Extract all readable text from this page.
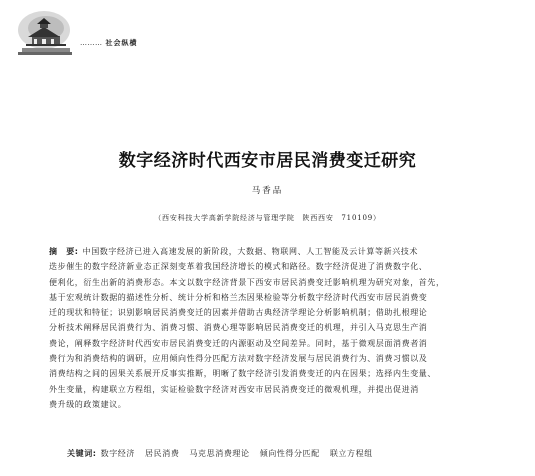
……… 社会纵横
数字经济时代西安市居民消费变迁研究
马香品
（西安科技大学高新学院经济与管理学院　陕西西安　710109）
摘　要: 中国数字经济已进入高速发展的新阶段，大数据、物联网、人工智能及云计算等新兴技术
迭步催生的数字经济新业态正深刻变革着我国经济增长的模式和路径。数字经济促进了消费数字化、
便利化，衍生出新的消费形态。本文以数字经济背景下西安市居民消费变迁影响机理为研究对象，首先，
基于宏观统计数据的描述性分析、统计分析和格兰杰因果检验等分析数字经济时代西安市居民消费变
迁的现状和特征；识别影响居民消费变迁的因素并借助古典经济学理论分析影响机制；借助扎根理论
分析技术阐释居民消费行为、消费习惯、消费心理等影响居民消费变迁的机理，并引入马克思生产消
费论，阐释数字经济时代西安市居民消费变迁的内源驱动及空间差异。同时，基于微观层面消费者消
费行为和消费结构的调研，应用倾向性得分匹配方法对数字经济发展与居民消费行为、消费习惯以及
消费结构之间的因果关系展开反事实推断，明晰了数字经济引发消费变迁的内在因果；选择内生变量、
外生变量，构建联立方程组，实证检验数字经济对西安市居民消费变迁的微观机理，并提出促进消
费升级的政策建议。
关键词: 数字经济 居民消费 马克思消费理论 倾向性得分匹配 联立方程组
